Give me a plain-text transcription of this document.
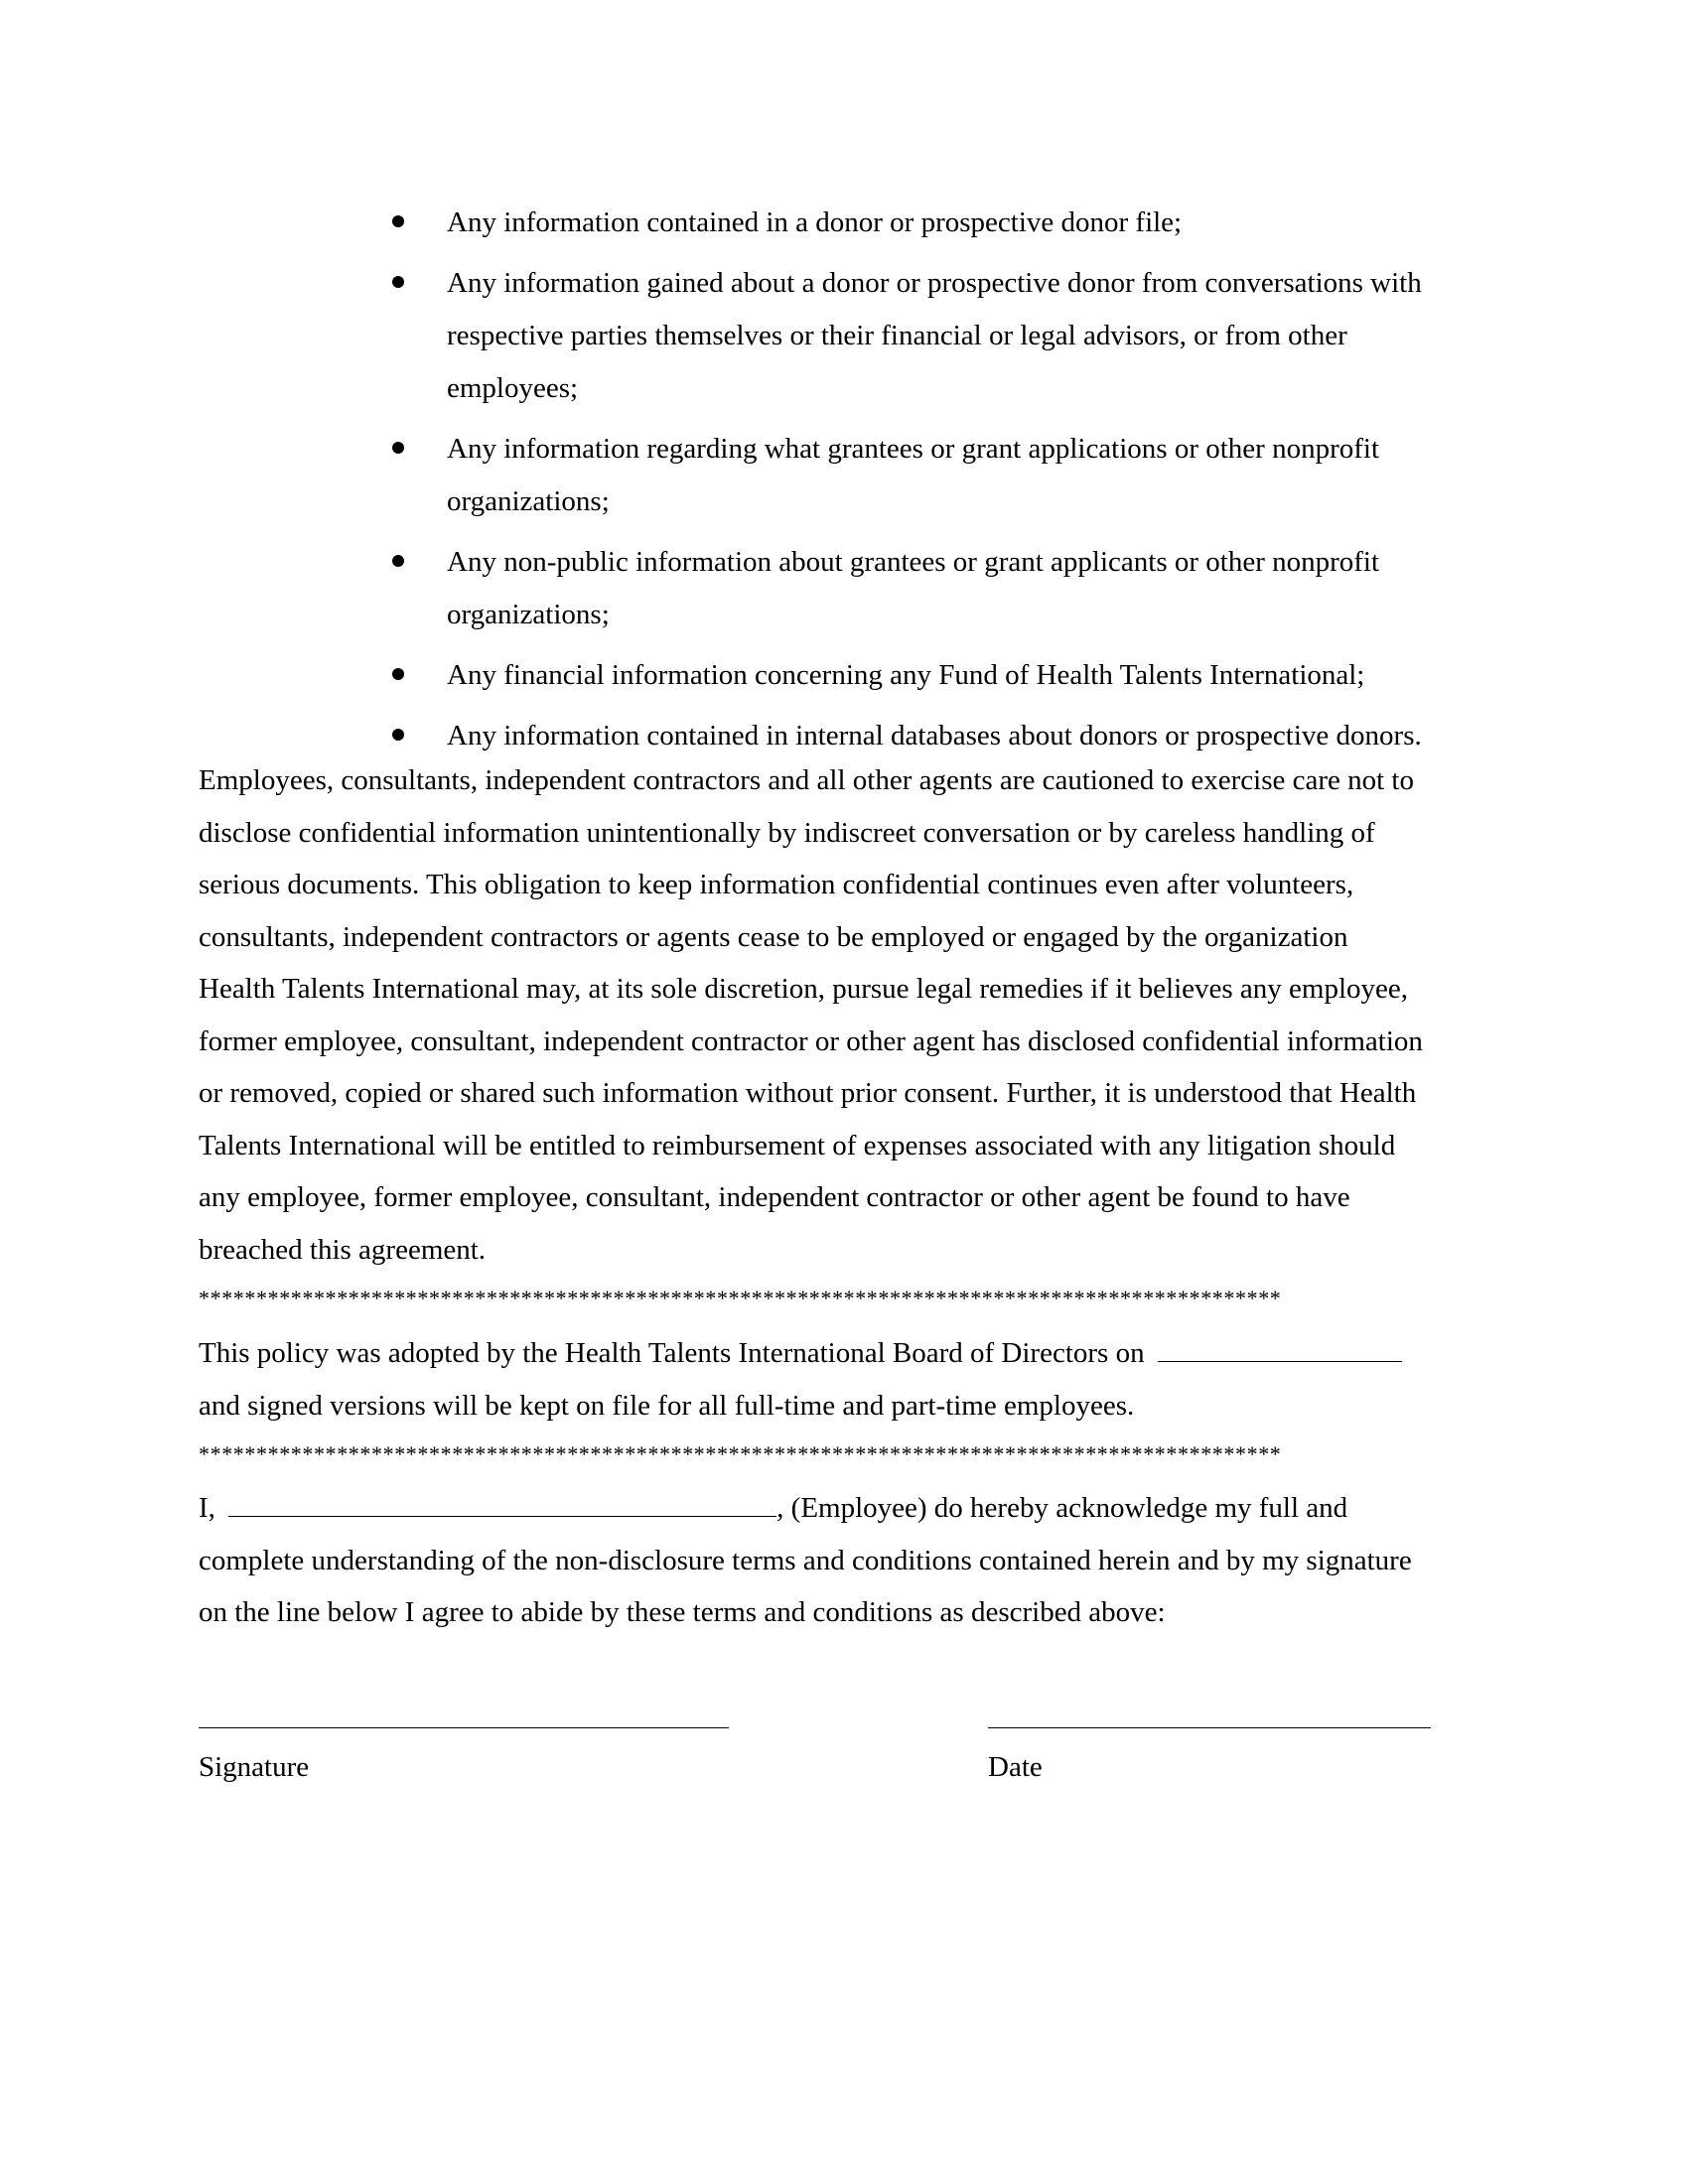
Any information contained in a donor or prospective donor file;
Any information gained about a donor or prospective donor from conversations with
respective parties themselves or their financial or legal advisors, or from other
employees;
Any information regarding what grantees or grant applications or other nonprofit
organizations;
Any non-public information about grantees or grant applicants or other nonprofit
organizations;
Any financial information concerning any Fund of Health Talents International;
Any information contained in internal databases about donors or prospective donors.

Employees, consultants, independent contractors and all other agents are cautioned to exercise care not to
disclose confidential information unintentionally by indiscreet conversation or by careless handling of
serious documents. This obligation to keep information confidential continues even after volunteers,
consultants, independent contractors or agents cease to be employed or engaged by the organization
Health Talents International may, at its sole discretion, pursue legal remedies if it believes any employee,
former employee, consultant, independent contractor or other agent has disclosed confidential information
or removed, copied or shared such information without prior consent. Further, it is understood that Health
Talents International will be entitled to reimbursement of expenses associated with any litigation should
any employee, former employee, consultant, independent contractor or other agent be found to have
breached this agreement.

**********************************************************************************************

This policy was adopted by the Health Talents International Board of Directors on
and signed versions will be kept on file for all full-time and part-time employees.

**********************************************************************************************

I,	, (Employee) do hereby acknowledge my full and
complete understanding of the non-disclosure terms and conditions contained herein and by my signature
on the line below I agree to abide by these terms and conditions as described above:

Signature	Date
